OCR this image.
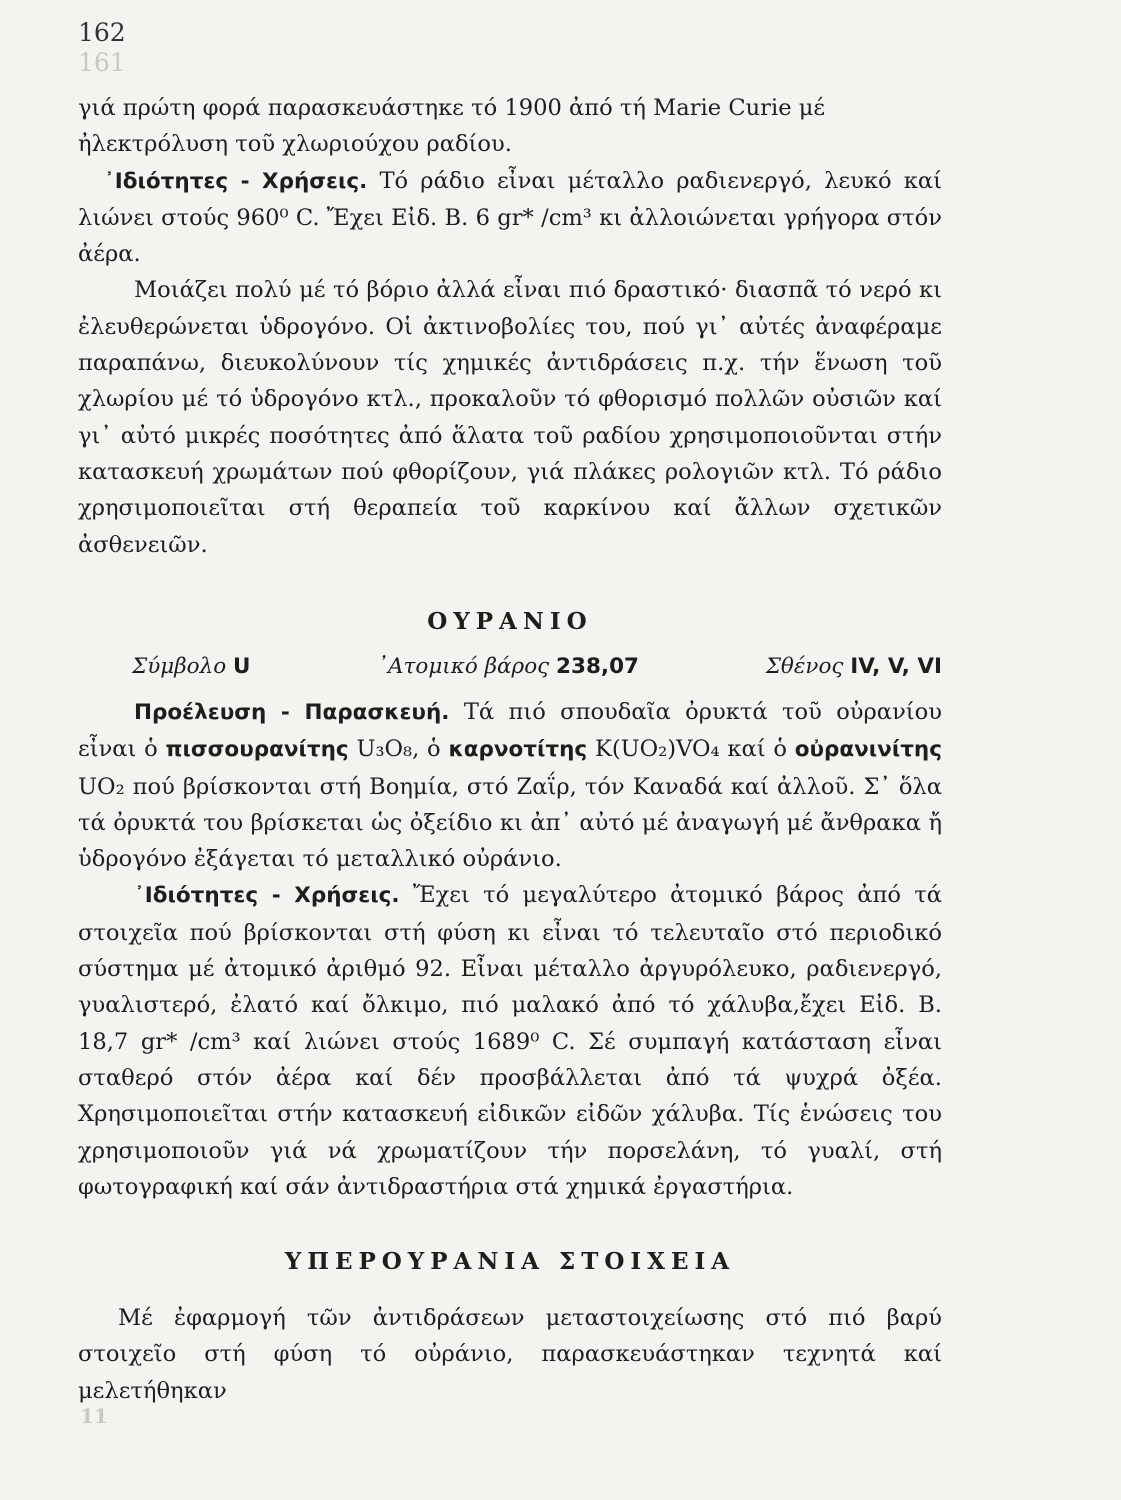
162
161

γιά πρώτη φορά παρασκευάστηκε τό 1900 ἀπό τή Marie Curie μέ

ἠλεκτρόλυση τοῦ χλωριούχου ραδίου.

᾿Ιδιότητες - Χρήσεις. Τό ράδιο εἶναι μέταλλο ραδιενεργό, λευκό καί λιώνει στούς 960⁰ C. Ἔχει Εἰδ. Β. 6 gr* /cm³ κι ἀλλοιώνεται γρήγορα στόν ἀέρα.

Μοιάζει πολύ μέ τό βόριο ἀλλά εἶναι πιό δραστικό· διασπᾶ τό νερό κι ἐλευθερώνεται ὑδρογόνο. Οἱ ἀκτινοβολίες του, πού γι᾿ αὐτές ἀναφέραμε παραπάνω, διευκολύνουν τίς χημικές ἀντιδράσεις π.χ. τήν ἕνωση τοῦ χλωρίου μέ τό ὑδρογόνο κτλ., προκαλοῦν τό φθορισμό πολλῶν οὐσιῶν καί γι᾿ αὐτό μικρές ποσότητες ἀπό ἅλατα τοῦ ραδίου χρησιμοποιοῦνται στήν κατασκευή χρωμάτων πού φθορίζουν, γιά πλάκες ρολογιῶν κτλ. Τό ράδιο χρησιμοποιεῖται στή θεραπεία τοῦ καρκίνου καί ἄλλων σχετικῶν ἀσθενειῶν.

ΟΥΡΑΝΙΟ
Σύμβολο U	᾿Ατομικό βάρος 238,07	Σθένος IV, V, VI

Προέλευση - Παρασκευή. Τά πιό σπουδαῖα ὀρυκτά τοῦ οὐρανίου εἶναι ὁ πισσουρανίτης U₃O₈, ὁ καρνοτίτης K(UO₂)VO₄ καί ὁ οὐρανινίτης UO₂ πού βρίσκονται στή Βοημία, στό Ζαΐρ, τόν Καναδά καί ἀλλοῦ. Σ᾿ ὅλα τά ὀρυκτά του βρίσκεται ὡς ὀξείδιο κι ἀπ᾿ αὐτό μέ ἀναγωγή μέ ἄνθρακα ἤ ὑδρογόνο ἐξάγεται τό μεταλλικό οὐράνιο.

᾿Ιδιότητες - Χρήσεις. Ἔχει τό μεγαλύτερο ἀτομικό βάρος ἀπό τά στοιχεῖα πού βρίσκονται στή φύση κι εἶναι τό τελευταῖο στό περιοδικό σύστημα μέ ἀτομικό ἀριθμό 92. Εἶναι μέταλλο ἀργυρόλευκο, ραδιενεργό, γυαλιστερό, ἐλατό καί ὄλκιμο, πιό μαλακό ἀπό τό χάλυβα,ἔχει Εἰδ. Β. 18,7 gr* /cm³ καί λιώνει στούς 1689⁰ C. Σέ συμπαγή κατάσταση εἶναι σταθερό στόν ἀέρα καί δέν προσβάλλεται ἀπό τά ψυχρά ὀξέα. Χρησιμοποιεῖται στήν κατασκευή εἰδικῶν εἰδῶν χάλυβα. Τίς ἑνώσεις του χρησιμοποιοῦν γιά νά χρωματίζουν τήν πορσελάνη, τό γυαλί, στή φωτογραφική καί σάν ἀντιδραστήρια στά χημικά ἐργαστήρια.

ΥΠΕΡΟΥΡΑΝΙΑ ΣΤΟΙΧΕΙΑ

Μέ ἐφαρμογή τῶν ἀντιδράσεων μεταστοιχείωσης στό πιό βαρύ στοιχεῖο στή φύση τό οὐράνιο, παρασκευάστηκαν τεχνητά καί μελετήθηκαν

11
